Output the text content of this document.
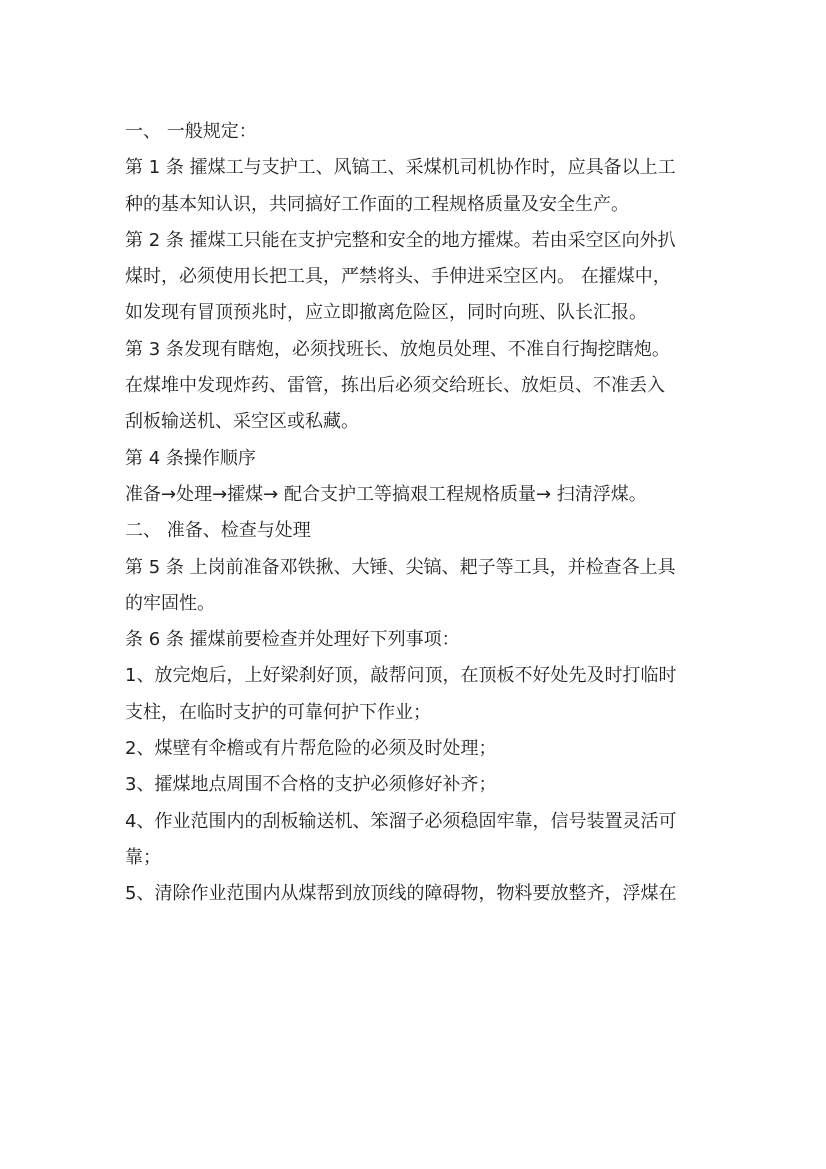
一、 一般规定：
第 1 条 攉煤工与支护工、风镐工、采煤机司机协作时，应具备以上工
种的基本知认识，共同搞好工作面的工程规格质量及安全生产。
第 2 条 攉煤工只能在支护完整和安全的地方攉煤。若由采空区向外扒
煤时，必须使用长把工具，严禁将头、手伸进采空区内。 在攉煤中，
如发现有冒顶预兆时，应立即撤离危险区，同时向班、队长汇报。
第 3 条发现有瞎炮，必须找班长、放炮员处理、不准自行掏挖瞎炮。
在煤堆中发现炸药、雷管，拣出后必须交给班长、放炬员、不准丢入
刮板输送机、采空区或私藏。
第 4 条操作顺序
准备→处理→攉煤→ 配合支护工等搞艰工程规格质量→ 扫清浮煤。
二、 准备、检查与处理
第 5 条 上岗前准备邓铁揪、大锤、尖镐、耙子等工具，并检查各上具
的牢固性。
条 6 条 攉煤前要检查并处理好下列事项：
1、放完炮后，上好梁刹好顶，敲帮问顶，在顶板不好处先及时打临时
支柱，在临时支护的可靠何护下作业；
2、煤壁有伞檐或有片帮危险的必须及时处理；
3、攉煤地点周围不合格的支护必须修好补齐；
4、作业范围内的刮板输送机、笨溜子必须稳固牢靠，信号装置灵活可
靠；
5、清除作业范围内从煤帮到放顶线的障碍物，物料要放整齐，浮煤在
